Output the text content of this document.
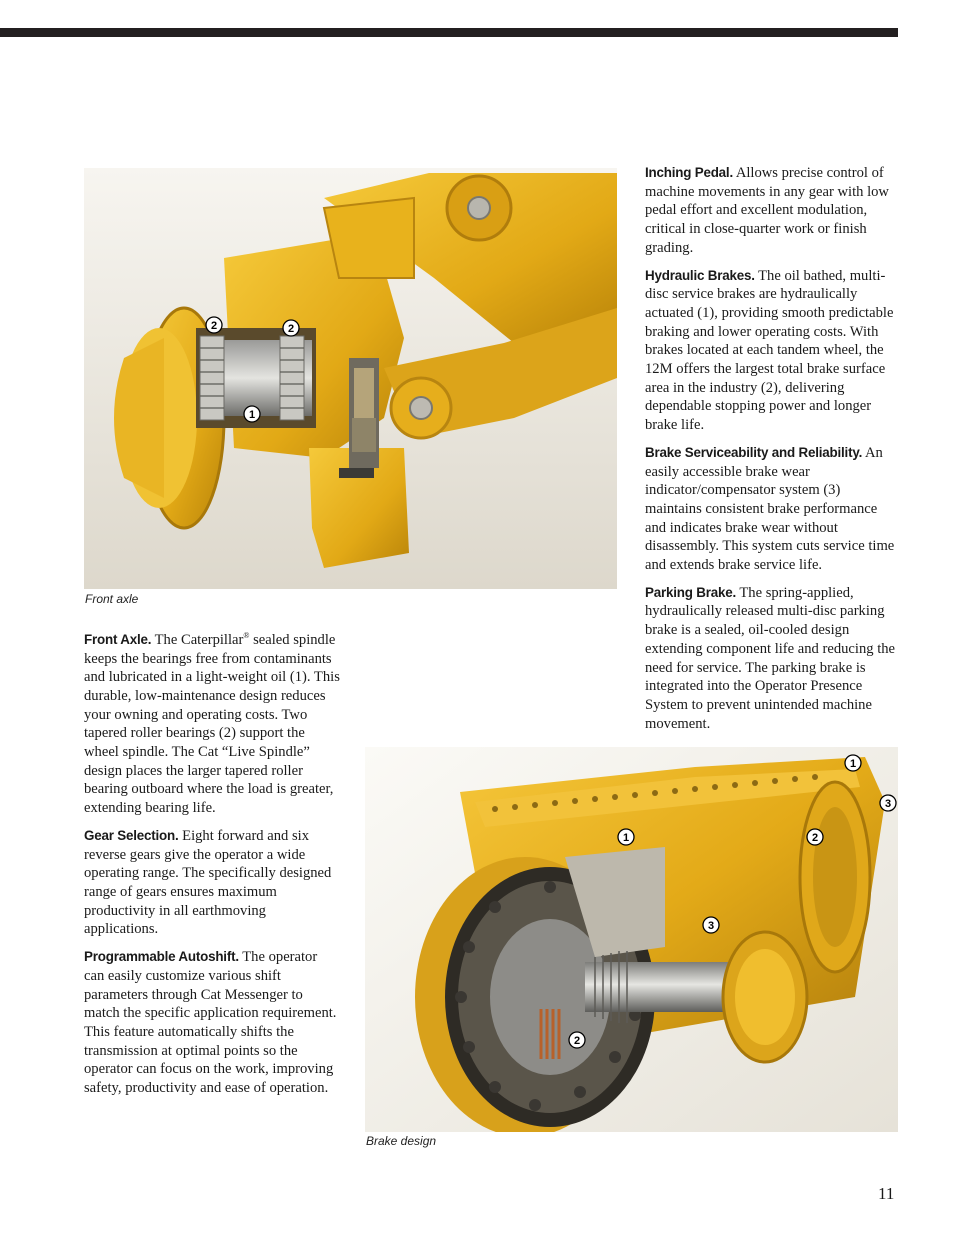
2	2
1
Front axle

Front Axle. The Caterpillar® sealed spindle keeps the bearings free from contaminants and lubricated in a light-weight oil (1). This durable, low-maintenance design reduces your owning and operating costs. Two tapered roller bearings (2) support the wheel spindle. The Cat “Live Spindle” design places the larger tapered roller bearing outboard where the load is greater, extending bearing life.

Gear Selection. Eight forward and six reverse gears give the operator a wide operating range. The specifically designed range of gears ensures maximum productivity in all earthmoving applications.

Programmable Autoshift. The operator can easily customize various shift parameters through Cat Messenger to match the specific application requirement. This feature automatically shifts the transmission at optimal points so the operator can focus on the work, improving safety, productivity and ease of operation.

Inching Pedal. Allows precise control of machine movements in any gear with low pedal effort and excellent modulation, critical in close-quarter work or finish grading.

Hydraulic Brakes. The oil bathed, multi-disc service brakes are hydraulically actuated (1), providing smooth predictable braking and lower operating costs. With brakes located at each tandem wheel, the 12M offers the largest total brake surface area in the industry (2), delivering dependable stopping power and longer brake life.

Brake Serviceability and Reliability. An easily accessible brake wear indicator/compensator system (3) maintains consistent brake performance and indicates brake wear without disassembly. This system cuts service time and extends brake service life.

Parking Brake. The spring-applied, hydraulically released multi-disc parking brake is a sealed, oil-cooled design extending component life and reducing the need for service. The parking brake is integrated into the Operator Presence System to prevent unintended machine movement.

1
3
1	2
3
2
Brake design
11
